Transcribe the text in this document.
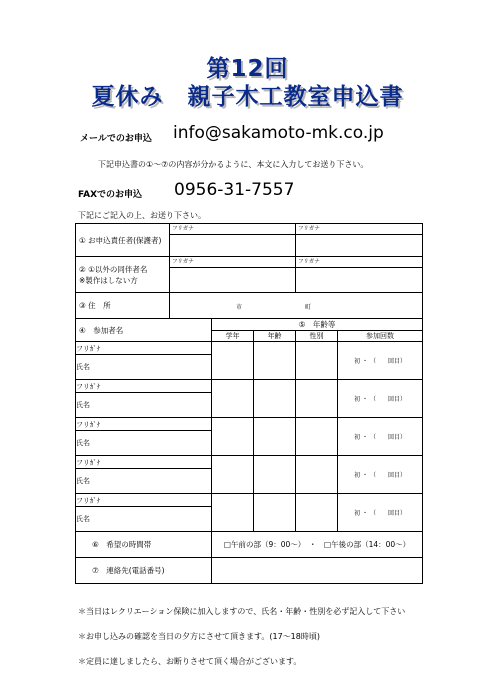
第12回
夏休み　親子木工教室申込書
メールでのお申込 info@sakamoto-mk.co.jp
下記申込書の①～⑦の内容が分かるように、本文に入力してお送り下さい。
FAXでのお申込 0956-31-7557
下記にご記入の上、お送り下さい。
① お申込責任者(保護者)	フリガナ			フリガナ	

② ①以外の同伴者名
※製作はしない方	フリガナ			フリガナ	

③ 住　所	市 町				

④　参加者名		⑤　年齢等			
		学年	年齢	性別	参加回数
フリｶﾞﾅ					初 ・ （　　回目）
氏名					
フリｶﾞﾅ					初 ・ （　　回目）
氏名					
フリｶﾞﾅ					初 ・ （　　回目）
氏名					
フリｶﾞﾅ					初 ・ （　　回目）
氏名					
フリｶﾞﾅ					初 ・ （　　回目）
氏名					

⑥　希望の時間帯		□午前の部（9：00～）　・　□午後の部（14：00～）			

⑦　連絡先(電話番号)					

＊当日はレクリエーション保険に加入しますので、氏名・年齢・性別を必ず記入して下さい
＊お申し込みの確認を当日の夕方にさせて頂きます。(17～18時頃)
＊定員に達しましたら、お断りさせて頂く場合がございます。
